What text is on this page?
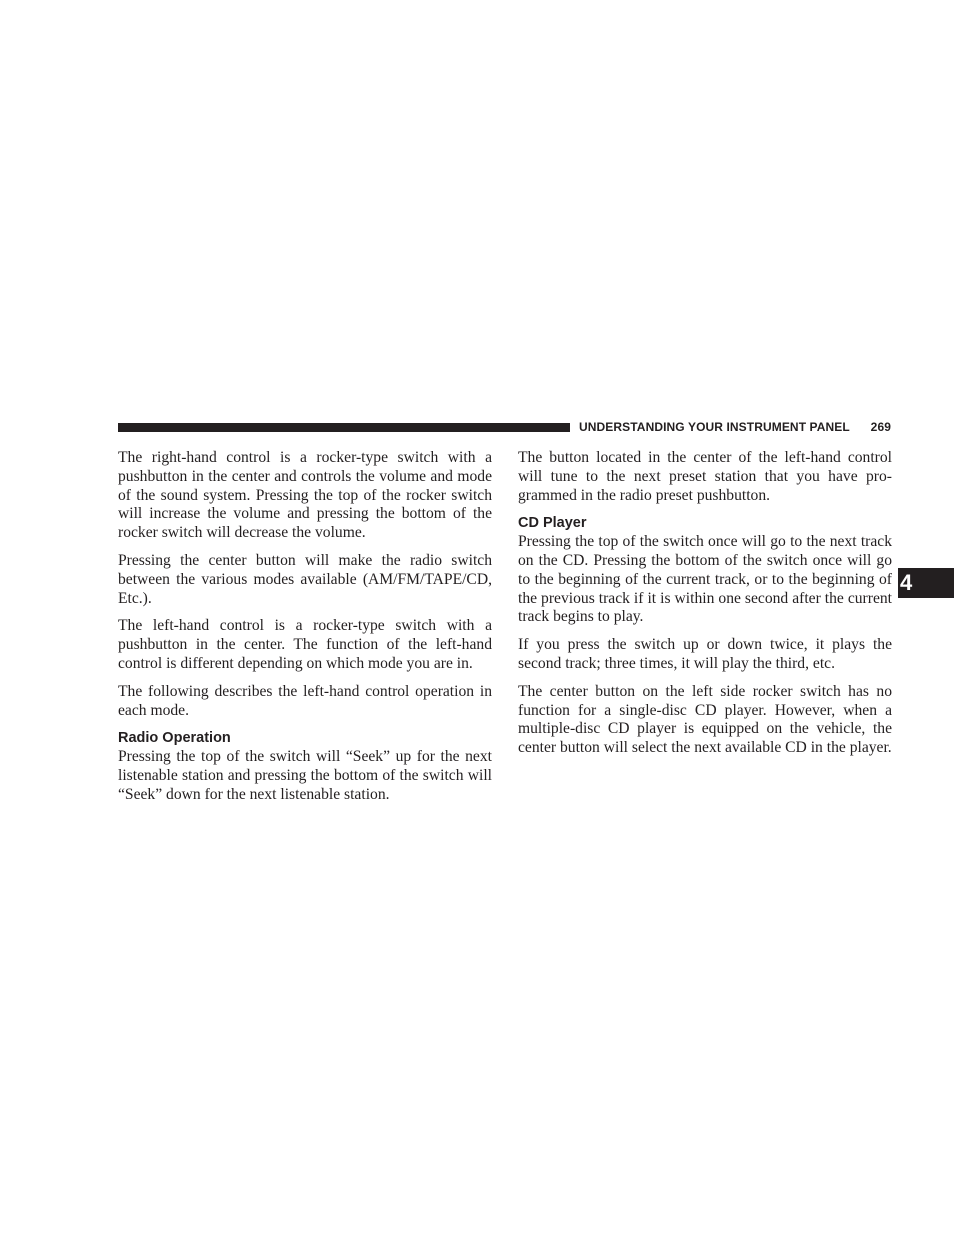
UNDERSTANDING YOUR INSTRUMENT PANEL 269
4

The right-hand control is a rocker-type switch with a pushbutton in the center and controls the volume and mode of the sound system. Pressing the top of the rocker switch will increase the volume and pressing the bottom of the rocker switch will decrease the volume.

Pressing the center button will make the radio switch between the various modes available (AM/FM/TAPE/​CD, Etc.).

The left-hand control is a rocker-type switch with a pushbutton in the center. The function of the left-hand control is different depending on which mode you are in.

The following describes the left-hand control operation in each mode.

Radio Operation

Pressing the top of the switch will “Seek” up for the next listenable station and pressing the bottom of the switch will “Seek” down for the next listenable station.

The button located in the center of the left-hand control will tune to the next preset station that you have programmed in the radio preset pushbutton.

CD Player

Pressing the top of the switch once will go to the next track on the CD. Pressing the bottom of the switch once will go to the beginning of the current track, or to the beginning of the previous track if it is within one second after the current track begins to play.

If you press the switch up or down twice, it plays the second track; three times, it will play the third, etc.

The center button on the left side rocker switch has no function for a single-disc CD player. However, when a multiple-disc CD player is equipped on the vehicle, the center button will select the next available CD in the player.
